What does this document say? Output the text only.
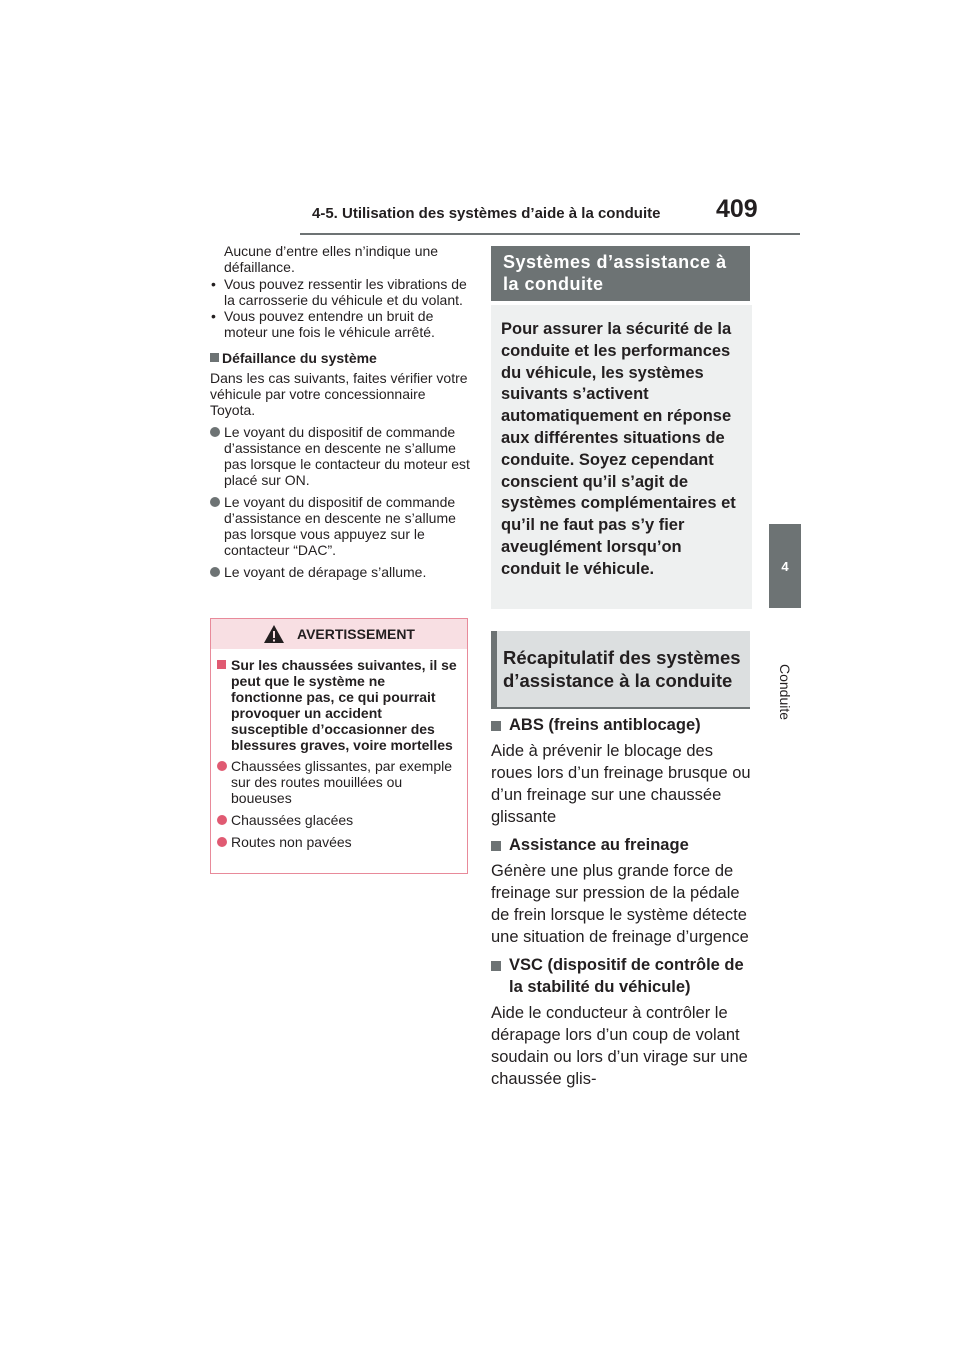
4-5. Utilisation des systèmes d’aide à la conduite 409
4
Conduite

Aucune d’entre elles n’indique une défaillance.

• Vous pouvez ressentir les vibrations de la carrosserie du véhicule et du volant.

• Vous pouvez entendre un bruit de moteur une fois le véhicule arrêté.

Défaillance du système

Dans les cas suivants, faites vérifier votre véhicule par votre concessionnaire Toyota.

Le voyant du dispositif de commande d’assistance en descente ne s’allume pas lorsque le contacteur du moteur est placé sur ON.

Le voyant du dispositif de commande d’assistance en descente ne s’allume pas lorsque vous appuyez sur le contacteur “DAC”.

Le voyant de dérapage s’allume.

AVERTISSEMENT
Sur les chaussées suivantes, il se peut que le système ne fonctionne pas, ce qui pourrait provoquer un accident susceptible d’occasionner des blessures graves, voire mortelles

Chaussées glissantes, par exemple sur des routes mouillées ou boueuses

Chaussées glacées

Routes non pavées

Systèmes d’assistance à la conduite
Pour assurer la sécurité de la conduite et les performances du véhicule, les systèmes suivants s’activent automatiquement en réponse aux différentes situations de conduite. Soyez cependant conscient qu’il s’agit de systèmes complémentaires et qu’il ne faut pas s’y fier aveuglément lorsqu’on conduit le véhicule.
Récapitulatif des systèmes d’assistance à la conduite
ABS (freins antiblocage)

Aide à prévenir le blocage des roues lors d’un freinage brusque ou d’un freinage sur une chaussée glissante

Assistance au freinage

Génère une plus grande force de freinage sur pression de la pédale de frein lorsque le système détecte une situation de freinage d’urgence

VSC (dispositif de contrôle de la stabilité du véhicule)

Aide le conducteur à contrôler le dérapage lors d’un coup de volant soudain ou lors d’un virage sur une chaussée glis-
